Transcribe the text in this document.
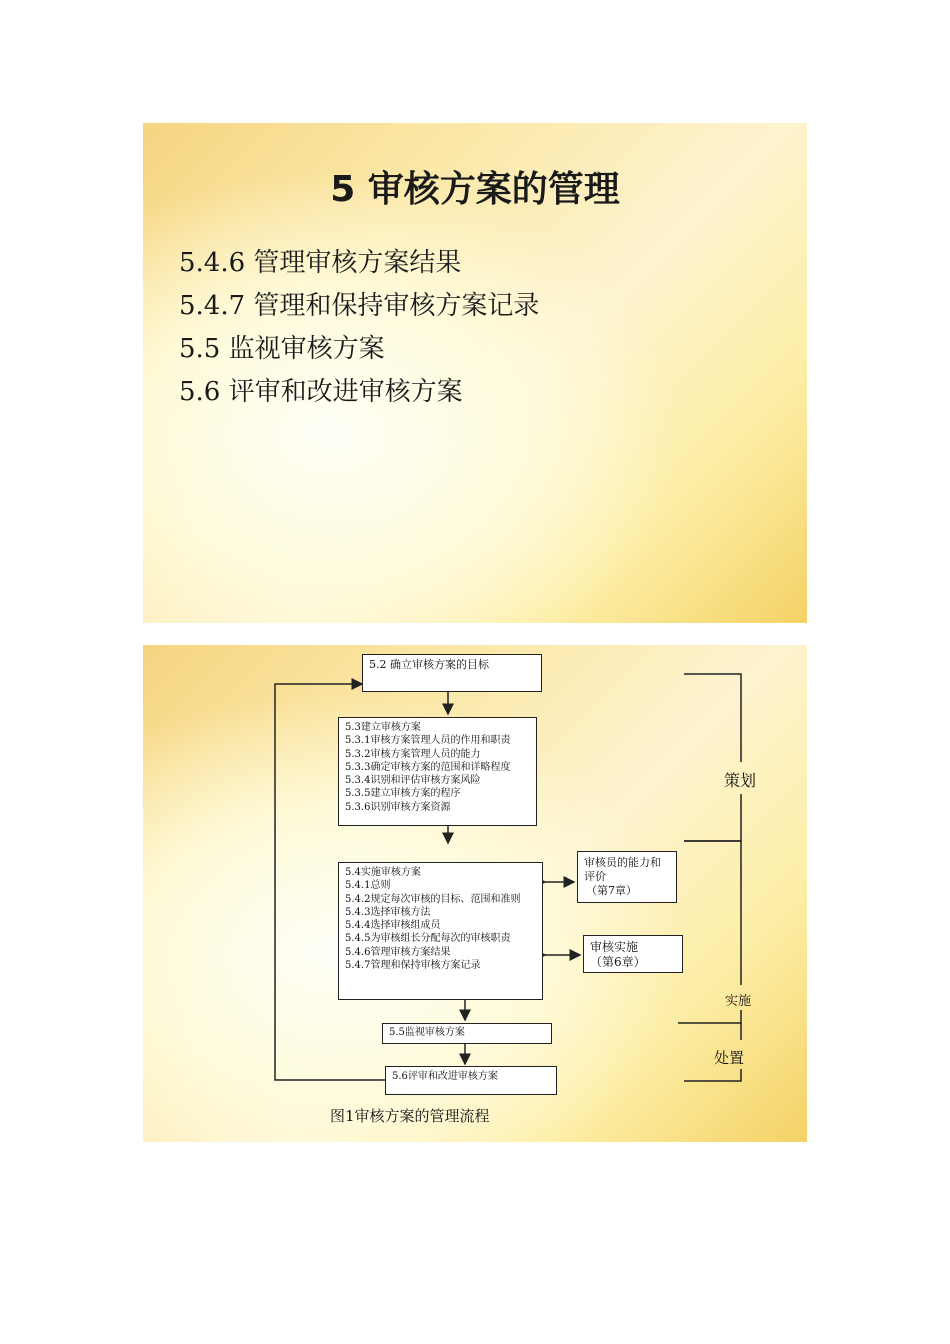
5 审核方案的管理
5.4.6 管理审核方案结果
5.4.7 管理和保持审核方案记录
5.5 监视审核方案
5.6 评审和改进审核方案
5.2 确立审核方案的目标
5.3建立审核方案
5.3.1审核方案管理人员的作用和职责
5.3.2审核方案管理人员的能力
5.3.3确定审核方案的范围和详略程度
5.3.4识别和评估审核方案风险
5.3.5建立审核方案的程序
5.3.6识别审核方案资源
5.4实施审核方案
5.4.1总则
5.4.2规定每次审核的目标、范围和准则
5.4.3选择审核方法
5.4.4选择审核组成员
5.4.5为审核组长分配每次的审核职责
5.4.6管理审核方案结果
5.4.7管理和保持审核方案记录
审核员的能力和
评价
（第7章）
审核实施
（第6章）
5.5监视审核方案
5.6评审和改进审核方案
策划
实施
处置
图1审核方案的管理流程
